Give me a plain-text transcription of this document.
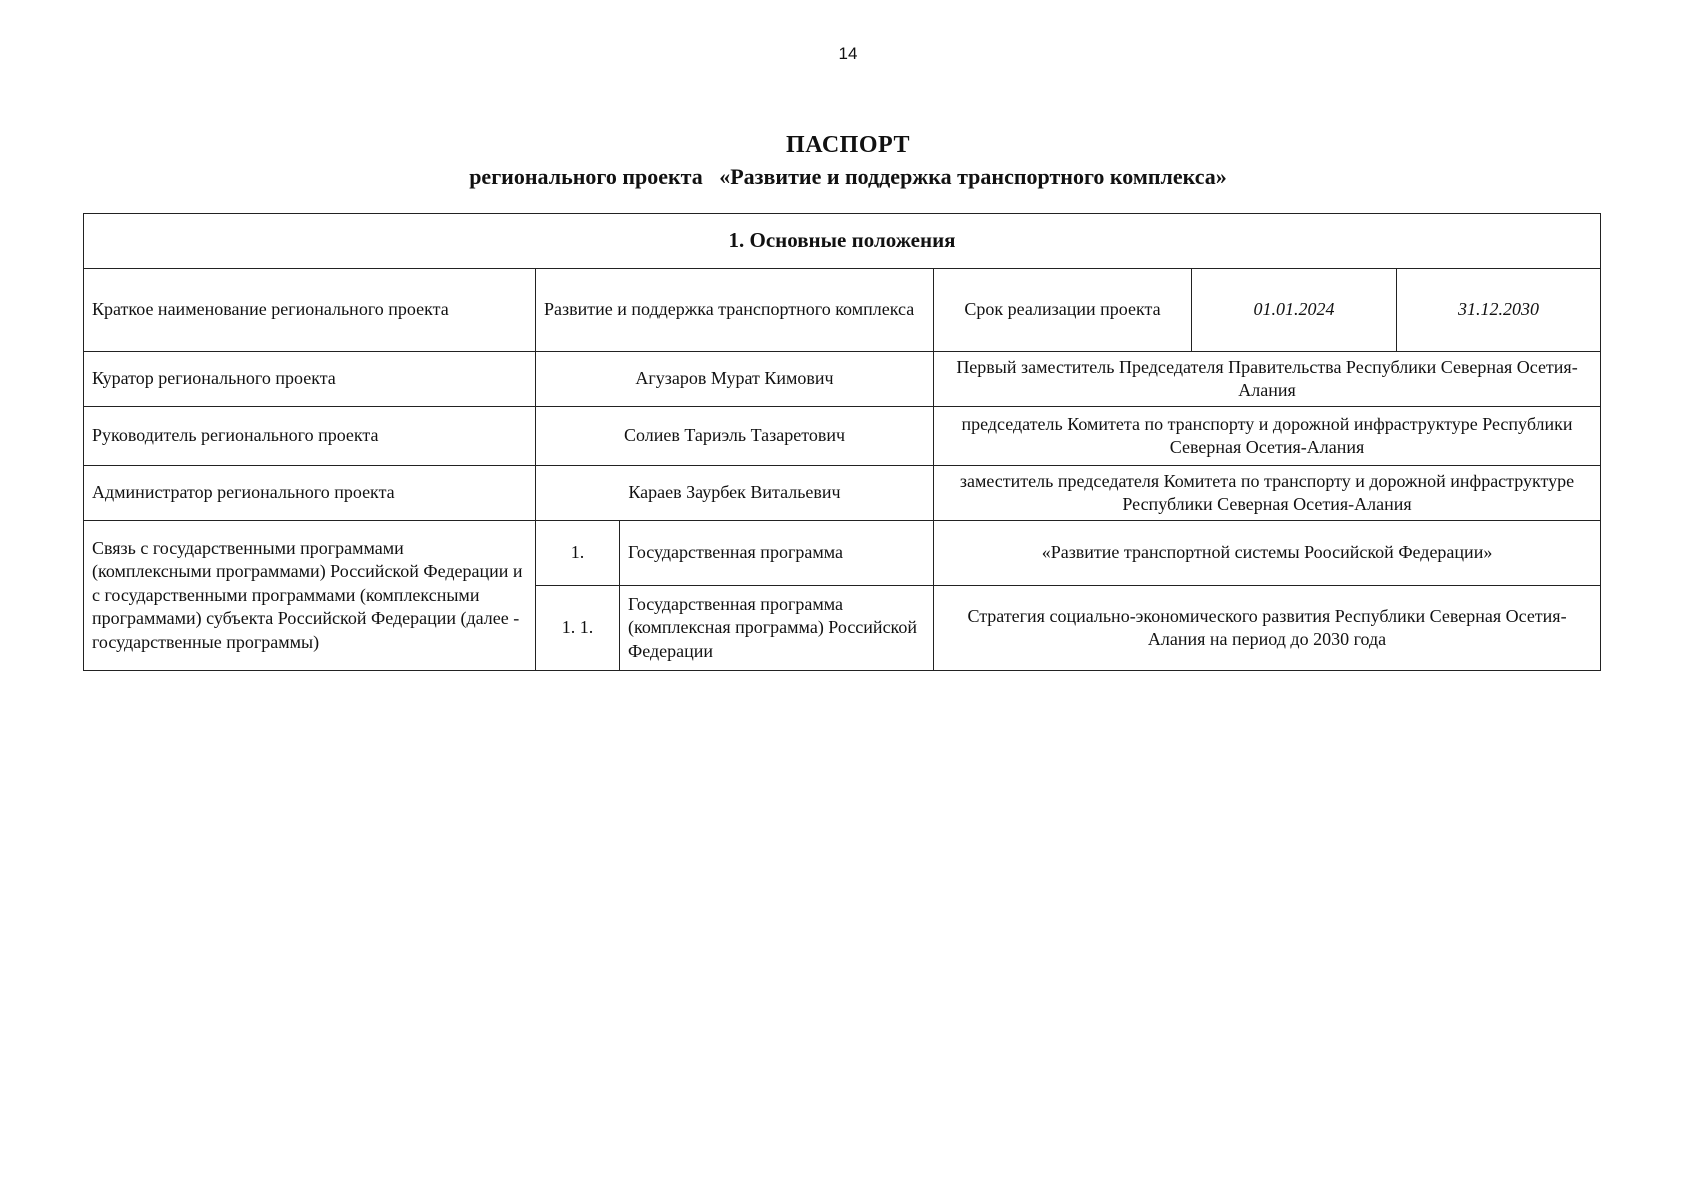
14
ПАСПОРТ
регионального проекта   «Развитие и поддержка транспортного комплекса»
1. Основные положения					
Краткое наименование регионального проекта	Развитие и поддержка транспортного комплекса		Срок реализации проекта	01.01.2024	31.12.2030
Куратор регионального проекта	Агузаров Мурат Кимович		Первый заместитель Председателя Правительства Республики Северная Осетия-Алания		
Руководитель регионального проекта	Солиев Тариэль Тазаретович		председатель Комитета по транспорту и дорожной инфраструктуре Республики Северная Осетия-Алания		
Администратор регионального проекта	Караев Заурбек Витальевич		заместитель председателя Комитета по транспорту и дорожной инфраструктуре Республики Северная Осетия-Алания		
Связь с государственными программами (комплексными программами) Российской Федерации и с государственными программами (комплексными программами) субъекта Российской Федерации (далее - государственные программы)	1.	Государственная программа	«Развитие транспортной системы Роосийской Федерации»		
	1. 1.	Государственная программа (комплексная программа) Российской Федерации	Стратегия социально-экономического развития Республики Северная Осетия-Алания на период до 2030 года		
